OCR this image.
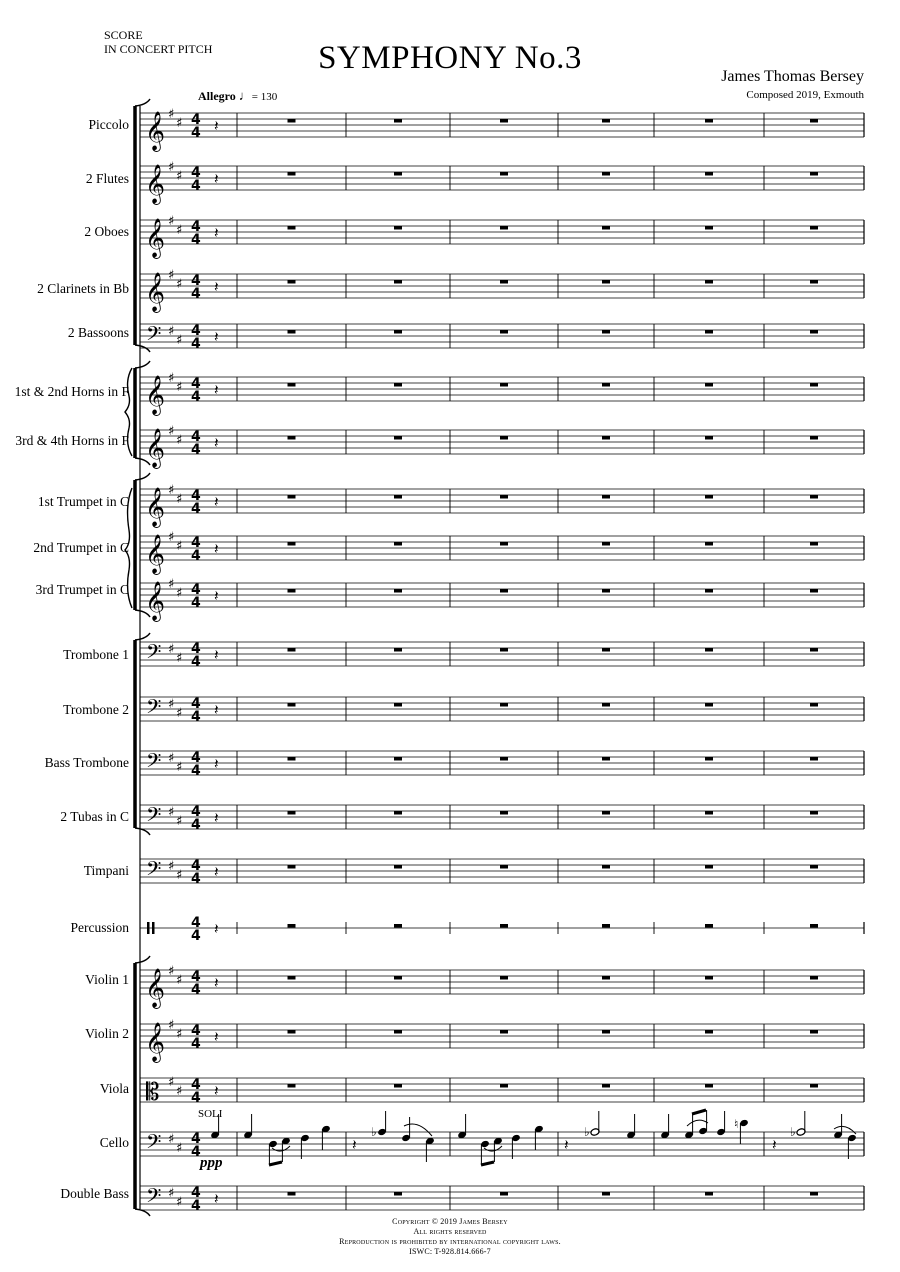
SCORE
IN CONCERT PITCH	SYMPHONY No.3
James Thomas Bersey
Composed 2019, Exmouth
Allegro ♩= 130
Piccolo
2 Flutes
2 Oboes
2 Clarinets in Bb
2 Bassoons
1st & 2nd Horns in F
3rd & 4th Horns in F
1st Trumpet in C
2nd Trumpet in C
3rd Trumpet in C
Trombone 1
Trombone 2
Bass Trombone
2 Tubas in C
Timpani
Percussion
Violin 1
Violin 2
Viola
Cello
Double Bass
SOLI
ppp
𝄞 ♯
♯ 4
4 𝄽
𝄞 ♯
♯ 4
4 𝄽
𝄞 ♯
♯ 4
4 𝄽
𝄞 ♯
♯ 4
4 𝄽
𝄢 ♯
♯
4
4 𝄽
𝄞 ♯
♯ 4
4 𝄽
𝄞 ♯
♯ 4
4 𝄽
𝄞 ♯
♯ 4
4 𝄽
𝄞 ♯
♯ 4
4 𝄽
𝄞 ♯
♯ 4
4 𝄽
𝄢 ♯
♯
4
4 𝄽
𝄢 ♯
♯
4
4 𝄽
𝄢 ♯
♯
4
4 𝄽
𝄢 ♯
♯
4
4 𝄽
𝄢 ♯
♯
4
4 𝄽
4
4 𝄽
𝄞 ♯
♯ 4
4 𝄽
𝄞 ♯
♯ 4
4 𝄽
𝄡 ♯
♯ 4
4 𝄽
𝄢 ♯
♯
4
4
𝄢 ♯
♯
4
4 𝄽
𝄽
♭
𝄽
♭
♮
𝄽
♭
Copyright © 2019 James Bersey
All rights reserved
Reproduction is prohibited by international copyright laws.
ISWC: T-928.814.666-7
